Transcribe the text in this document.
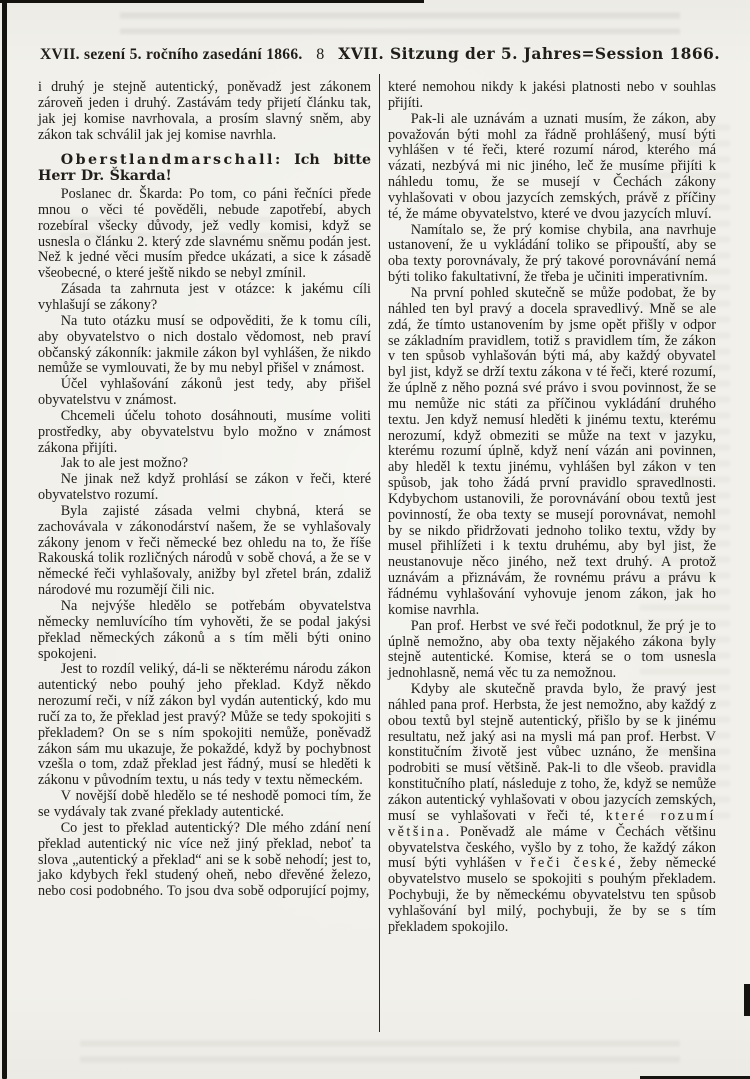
XVII. sezení 5. ročního zasedání 1866. 8 XVII. Sitzung der 5. Jahres=Session 1866.

i druhý je stejně autentický, poněvadž jest zákonem zároveň jeden i druhý. Zastávám tedy přijetí článku tak, jak jej komise navrhovala, a prosím slavný sněm, aby zákon tak schválil jak jej komise navrhla.

Oberstlandmarschall: Ich bitte Herr Dr. Škarda!

Poslanec dr. Škarda: Po tom, co páni řečníci přede mnou o věci té pověděli, nebude zapotřebí, abych rozebíral všecky důvody, jež vedly komisi, když se usnesla o článku 2. který zde slavnému sněmu podán jest. Než k jedné věci musím předce ukázati, a sice k zásadě všeobecné, o které ještě nikdo se nebyl zmínil.

Zásada ta zahrnuta jest v otázce: k jakému cíli vyhlašují se zákony?

Na tuto otázku musí se odpověditi, že k tomu cíli, aby obyvatelstvo o nich dostalo vědomost, neb praví občanský zákonník: jakmile zákon byl vyhlášen, že nikdo nemůže se vymlouvati, že by mu nebyl přišel v známost.

Účel vyhlašování zákonů jest tedy, aby přišel obyvatelstvu v známost.

Chcemeli účelu tohoto dosáhnouti, musíme voliti prostředky, aby obyvatelstvu bylo možno v známost zákona přijíti.

Jak to ale jest možno?

Ne jinak než když prohlásí se zákon v řeči, které obyvatelstvo rozumí.

Byla zajisté zásada velmi chybná, která se zachovávala v zákonodárství našem, že se vyhlašovaly zákony jenom v řeči německé bez ohledu na to, že říše Rakouská tolik rozličných národů v sobě chová, a že se v německé řeči vyhlašovaly, anižby byl zřetel brán, zdaliž národové mu rozumějí čili nic.

Na nejvýše hledělo se potřebám obyvatelstva německy nemluvícího tím vyhověti, že se podal jakýsi překlad německých zákonů a s tím měli býti onino spokojeni.

Jest to rozdíl veliký, dá-li se některému národu zákon autentický nebo pouhý jeho překlad. Když někdo nerozumí reči, v níž zákon byl vydán autentický, kdo mu ručí za to, že překlad jest pravý? Může se tedy spokojiti s překladem? On se s ním spokojiti nemůže, poněvadž zákon sám mu ukazuje, že pokaždé, když by pochybnost vzešla o tom, zdaž překlad jest řádný, musí se hleděti k zákonu v původním textu, u nás tedy v textu německém.

V novější době hledělo se té neshodě pomoci tím, že se vydávaly tak zvané překlady autentické.

Co jest to překlad autentický? Dle mého zdání není překlad autentický nic více než jiný překlad, neboť ta slova „autentický a překlad“ ani se k sobě nehodí; jest to, jako kdybych řekl studený oheň, nebo dřevěné železo, nebo cosi podobného. To jsou dva sobě odporující pojmy,

které nemohou nikdy k jakési platnosti nebo v souhlas přijíti.

Pak-li ale uznávám a uznati musím, že zákon, aby považován býti mohl za řádně prohlášený, musí býti vyhlášen v té řeči, které rozumí národ, kterého má vázati, nezbývá mi nic jiného, leč že musíme přijíti k náhledu tomu, že se musejí v Čechách zákony vyhlašovati v obou jazycích zemských, právě z příčiny té, že máme obyvatelstvo, které ve dvou jazycích mluví.

Namítalo se, že prý komise chybila, ana navrhuje ustanovení, že u vykládání toliko se připouští, aby se oba texty porovnávaly, že prý takové porovnávání nemá býti toliko fakultativní, že třeba je učiniti imperativním.

Na první pohled skutečně se může podobat, že by náhled ten byl pravý a docela spravedlivý. Mně se ale zdá, že tímto ustanovením by jsme opět přišly v odpor se základním pravidlem, totiž s pravidlem tím, že zákon v ten spůsob vyhlašován býti má, aby každý obyvatel byl jist, když se drží textu zákona v té řeči, které rozumí, že úplně z něho pozná své právo i svou povinnost, že se mu nemůže nic státi za příčinou vykládání druhého textu. Jen když nemusí hleděti k jinému textu, kterému nerozumí, když obmeziti se může na text v jazyku, kterému rozumí úplně, když není vázán ani povinnen, aby hleděl k textu jinému, vyhlášen byl zákon v ten spůsob, jak toho žádá první pravidlo spravedlnosti. Kdybychom ustanovili, že porovnávání obou textů jest povinností, že oba texty se musejí porovnávat, nemohl by se nikdo přidržovati jednoho toliko textu, vždy by musel přihlížeti i k textu druhému, aby byl jist, že neustanovuje něco jiného, než text druhý. A protož uznávám a přiznávám, že rovnému právu a právu k řádnému vyhlašování vyhovuje jenom zákon, jak ho komise navrhla.

Pan prof. Herbst ve své řeči podotknul, že prý je to úplně nemožno, aby oba texty nějakého zákona byly stejně autentické. Komise, která se o tom usnesla jednohlasně, nemá věc tu za nemožnou.

Kdyby ale skutečně pravda bylo, že pravý jest náhled pana prof. Herbsta, že jest nemožno, aby každý z obou textů byl stejně autentický, přišlo by se k jinému resultatu, než jaký asi na mysli má pan prof. Herbst. V konstitučním životě jest vůbec uznáno, že menšina podrobiti se musí většině. Pak-li to dle všeob. pravidla konstitučního platí, následuje z toho, že, když se nemůže zákon autentický vyhlašovati v obou jazycích zemských, musí se vyhlašovati v řeči té, které rozumí většina. Poněvadž ale máme v Čechách většinu obyvatelstva českého, vyšlo by z toho, že každý zákon musí býti vyhlášen v řeči české, žeby německé obyvatelstvo muselo se spokojiti s pouhým překladem. Pochybuji, že by německému obyvatelstvu ten spůsob vyhlašování byl milý, pochybuji, že by se s tím překladem spokojilo.
